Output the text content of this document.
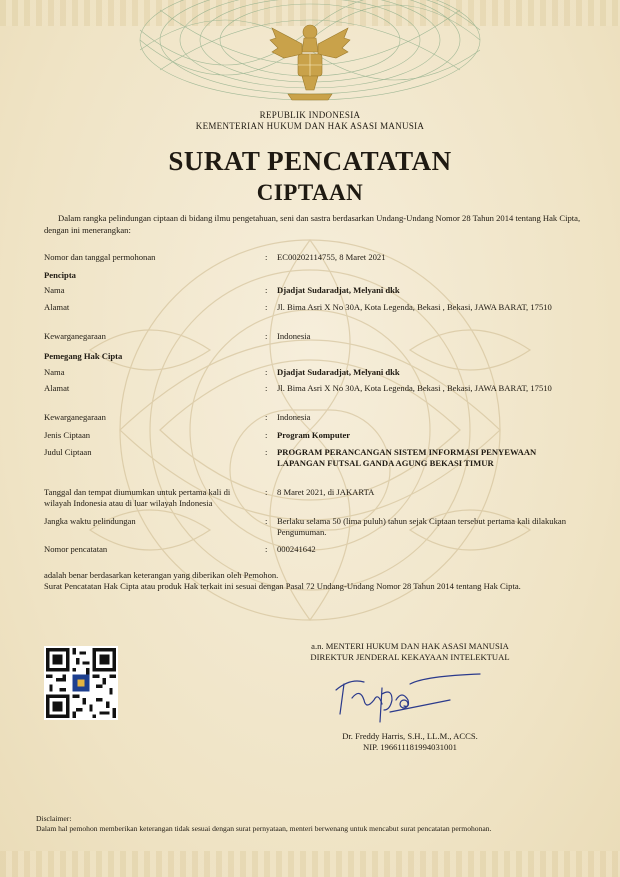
REPUBLIK INDONESIA
KEMENTERIAN HUKUM DAN HAK ASASI MANUSIA
SURAT PENCATATAN
CIPTAAN
Dalam rangka pelindungan ciptaan di bidang ilmu pengetahuan, seni dan sastra berdasarkan Undang-Undang Nomor 28 Tahun 2014 tentang Hak Cipta, dengan ini menerangkan:
Nomor dan tanggal permohonan	: EC00202114755, 8 Maret 2021
Pencipta
Nama	: Djadjat Sudaradjat, Melyani dkk
Alamat	: Jl. Bima Asri X No 30A, Kota Legenda, Bekasi , Bekasi, JAWA BARAT, 17510
Kewarganegaraan	: Indonesia
Pemegang Hak Cipta
Nama	: Djadjat Sudaradjat, Melyani dkk
Alamat	: Jl. Bima Asri X No 30A, Kota Legenda, Bekasi , Bekasi, JAWA BARAT, 17510
Kewarganegaraan	: Indonesia
Jenis Ciptaan	: Program Komputer
Judul Ciptaan	: PROGRAM PERANCANGAN SISTEM INFORMASI PENYEWAAN LAPANGAN FUTSAL GANDA AGUNG BEKASI TIMUR
Tanggal dan tempat diumumkan untuk pertama kali di wilayah Indonesia atau di luar wilayah Indonesia
: 8 Maret 2021, di JAKARTA
Jangka waktu pelindungan	: Berlaku selama 50 (lima puluh) tahun sejak Ciptaan tersebut pertama kali dilakukan Pengumuman.
Nomor pencatatan	: 000241642
adalah benar berdasarkan keterangan yang diberikan oleh Pemohon.
Surat Pencatatan Hak Cipta atau produk Hak terkait ini sesuai dengan Pasal 72 Undang-Undang Nomor 28 Tahun 2014 tentang Hak Cipta.
a.n. MENTERI HUKUM DAN HAK ASASI MANUSIA
DIREKTUR JENDERAL KEKAYAAN INTELEKTUAL
Dr. Freddy Harris, S.H., LL.M., ACCS.
NIP. 196611181994031001
Disclaimer:
Dalam hal pemohon memberikan keterangan tidak sesuai dengan surat pernyataan, menteri berwenang untuk mencabut surat pencatatan permohonan.
